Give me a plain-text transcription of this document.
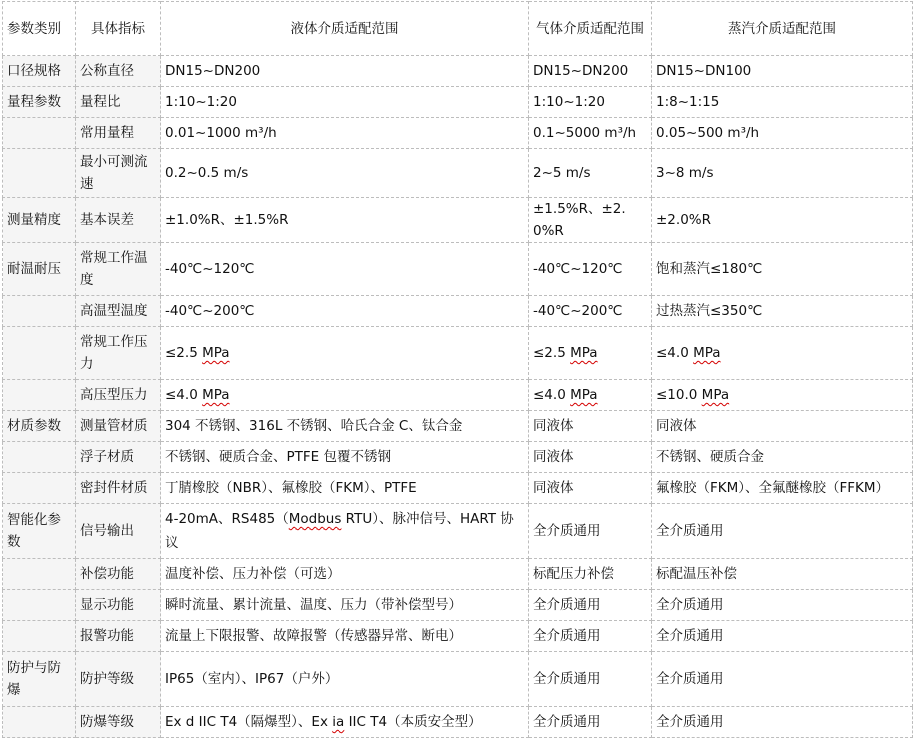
参数类别	具体指标	液体介质适配范围	气体介质适配范围	蒸汽介质适配范围
口径规格	公称直径	DN15~DN200	DN15~DN200	DN15~DN100
量程参数	量程比	1:10~1:20	1:10~1:20	1:8~1:15
	常用量程	0.01~1000 m³/h	0.1~5000 m³/h	0.05~500 m³/h
	最小可测流速	0.2~0.5 m/s	2~5 m/s	3~8 m/s
测量精度	基本误差	±1.0%R、±1.5%R	±1.5%R、±2.0%R	±2.0%R
耐温耐压	常规工作温度	-40℃~120℃	-40℃~120℃	饱和蒸汽≤180℃
	高温型温度	-40℃~200℃	-40℃~200℃	过热蒸汽≤350℃
	常规工作压力	≤2.5 MPa	≤2.5 MPa	≤4.0 MPa
	高压型压力	≤4.0 MPa	≤4.0 MPa	≤10.0 MPa
材质参数	测量管材质	304 不锈钢、316L 不锈钢、哈氏合金 C、钛合金	同液体	同液体
	浮子材质	不锈钢、硬质合金、PTFE 包覆不锈钢	同液体	不锈钢、硬质合金
	密封件材质	丁腈橡胶（NBR）、氟橡胶（FKM）、PTFE	同液体	氟橡胶（FKM）、全氟醚橡胶（FFKM）
智能化参数	信号输出	4-20mA、RS485（Modbus RTU）、脉冲信号、HART 协议	全介质通用	全介质通用
	补偿功能	温度补偿、压力补偿（可选）	标配压力补偿	标配温压补偿
	显示功能	瞬时流量、累计流量、温度、压力（带补偿型号）	全介质通用	全介质通用
	报警功能	流量上下限报警、故障报警（传感器异常、断电）	全介质通用	全介质通用
防护与防爆	防护等级	IP65（室内）、IP67（户外）	全介质通用	全介质通用
	防爆等级	Ex d IIC T4（隔爆型）、Ex ia IIC T4（本质安全型）	全介质通用	全介质通用
